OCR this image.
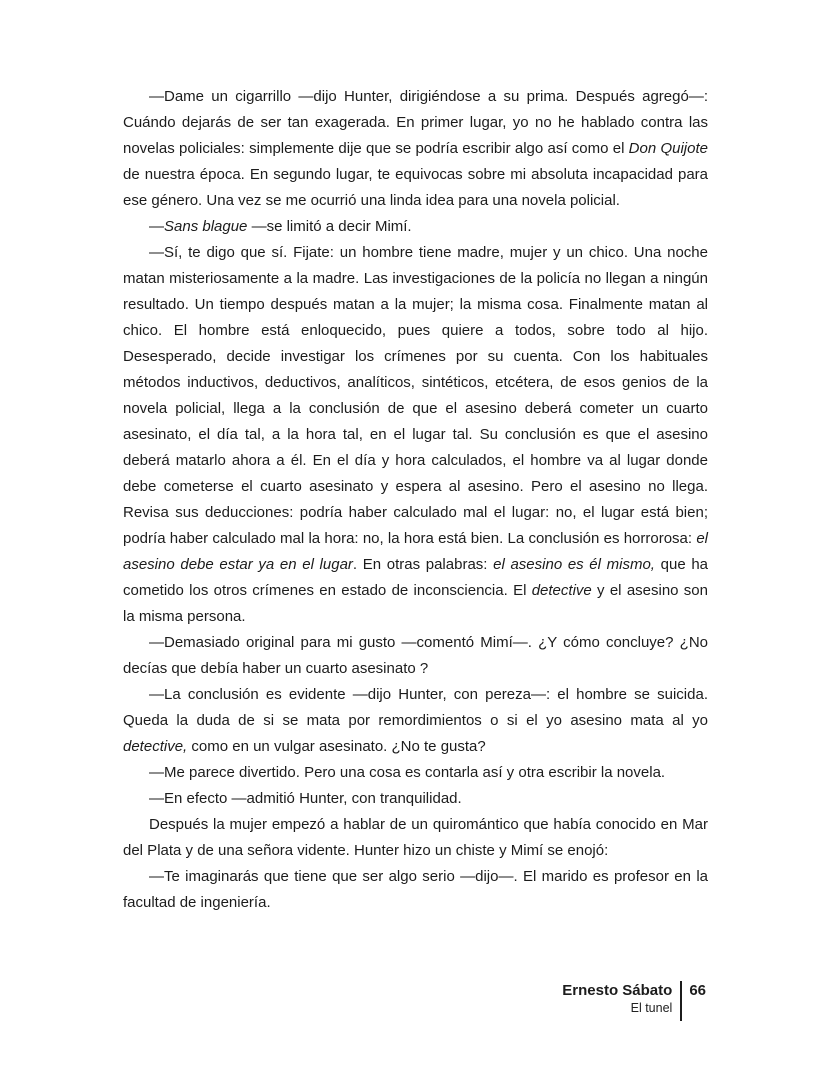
—Dame un cigarrillo —dijo Hunter, dirigiéndose a su prima. Después agregó—: Cuándo dejarás de ser tan exagerada. En primer lugar, yo no he hablado contra las novelas policiales: simplemente dije que se podría escribir algo así como el Don Quijote de nuestra época. En segundo lugar, te equivocas sobre mi absoluta incapacidad para ese género. Una vez se me ocurrió una linda idea para una novela policial.

—Sans blague —se limitó a decir Mimí.

—Sí, te digo que sí. Fijate: un hombre tiene madre, mujer y un chico. Una noche matan misteriosamente a la madre. Las investigaciones de la policía no llegan a ningún resultado. Un tiempo después matan a la mujer; la misma cosa. Finalmente matan al chico. El hombre está enloquecido, pues quiere a todos, sobre todo al hijo. Desesperado, decide investigar los crímenes por su cuenta. Con los habituales métodos inductivos, deductivos, analíticos, sintéticos, etcétera, de esos genios de la novela policial, llega a la conclusión de que el asesino deberá cometer un cuarto asesinato, el día tal, a la hora tal, en el lugar tal. Su conclusión es que el asesino deberá matarlo ahora a él. En el día y hora calculados, el hombre va al lugar donde debe cometerse el cuarto asesinato y espera al asesino. Pero el asesino no llega. Revisa sus deducciones: podría haber calculado mal el lugar: no, el lugar está bien; podría haber calculado mal la hora: no, la hora está bien. La conclusión es horrorosa: el asesino debe estar ya en el lugar. En otras palabras: el asesino es él mismo, que ha cometido los otros crímenes en estado de inconsciencia. El detective y el asesino son la misma persona.

—Demasiado original para mi gusto —comentó Mimí—. ¿Y cómo concluye? ¿No decías que debía haber un cuarto asesinato ?

—La conclusión es evidente —dijo Hunter, con pereza—: el hombre se suicida. Queda la duda de si se mata por remordimientos o si el yo asesino mata al yo detective, como en un vulgar asesinato. ¿No te gusta?

—Me parece divertido. Pero una cosa es contarla así y otra escribir la novela.

—En efecto —admitió Hunter, con tranquilidad.

Después la mujer empezó a hablar de un quiromántico que había conocido en Mar del Plata y de una señora vidente. Hunter hizo un chiste y Mimí se enojó:

—Te imaginarás que tiene que ser algo serio —dijo—. El marido es profesor en la facultad de ingeniería.

Ernesto Sábato
El tunel
66
